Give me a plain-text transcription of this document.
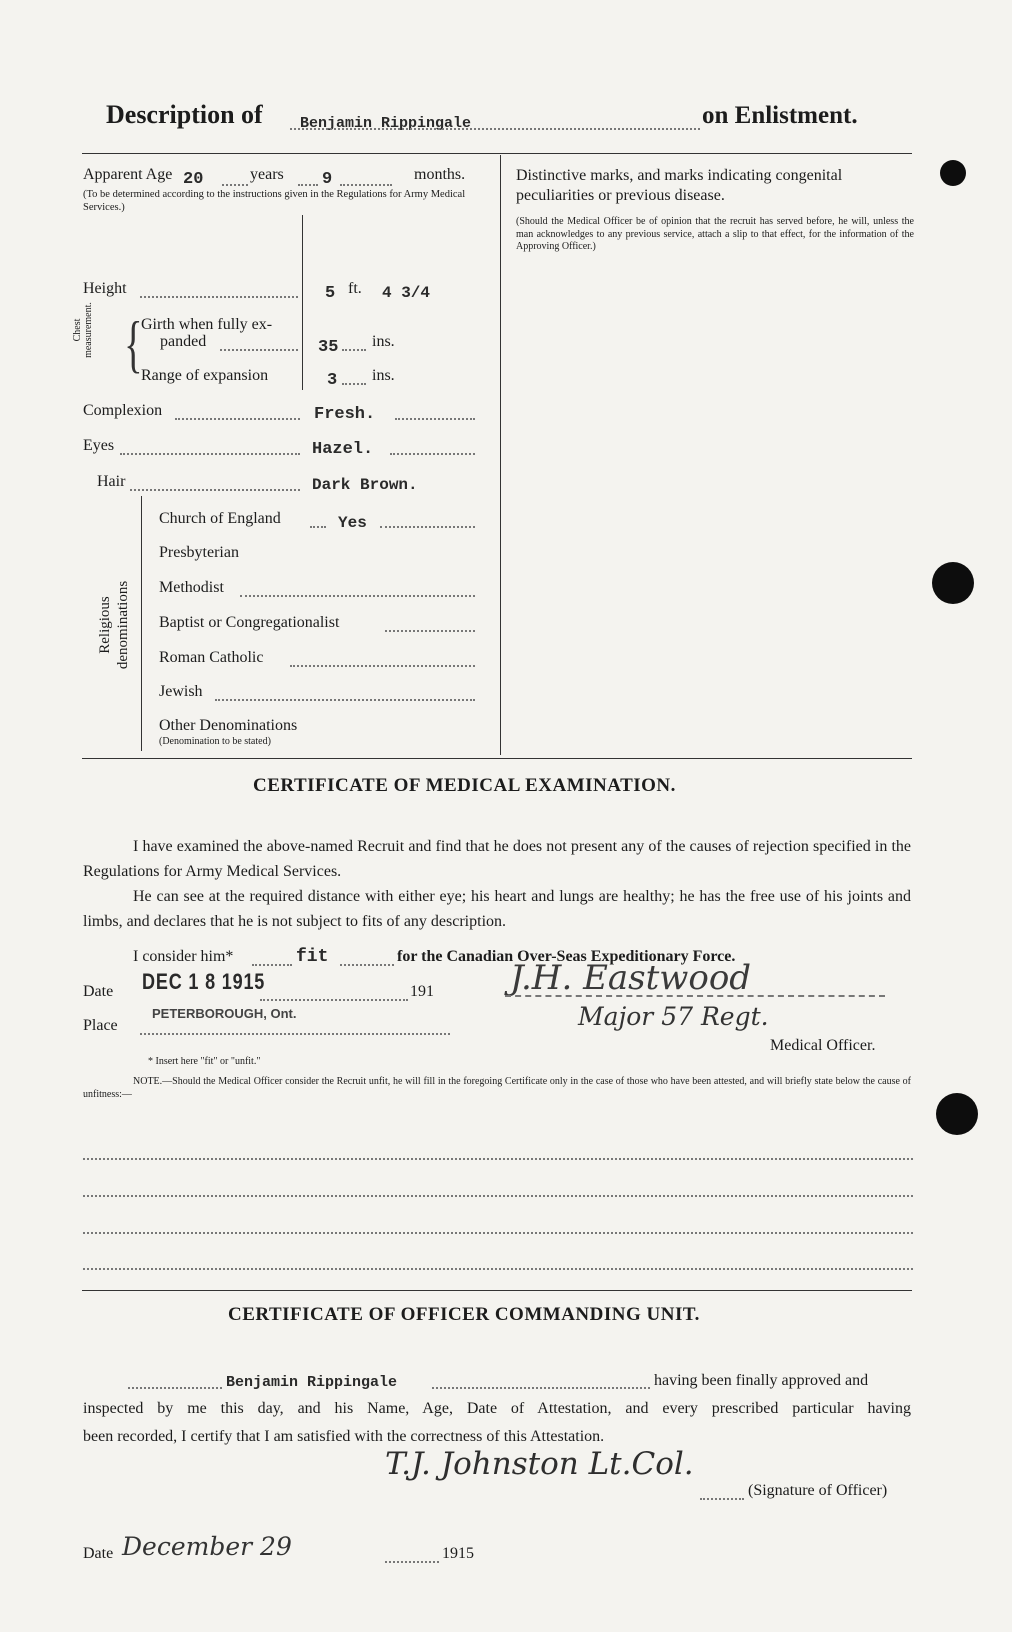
Description of Benjamin Rippingale	on Enlistment.
Apparent Age 20	years 9	months.
(To be determined according to the instructions given in the Regulations for Army Medical Services.)
Height	5 ft. 4 3/4
Chest measurement. {
Girth when fully ex-
panded	35 ins.
Range of expansion	3 ins.
Complexion	Fresh.
Eyes	Hazel.
Hair	Dark Brown.
Religious denominations
Church of England	Yes
Presbyterian
Methodist
Baptist or Congregationalist
Roman Catholic
Jewish
Other Denominations
(Denomination to be stated)
Distinctive marks, and marks indicating congenital peculiarities or previous disease.
(Should the Medical Officer be of opinion that the recruit has served before, he will, unless the man acknowledges to any previous service, attach a slip to that effect, for the information of the Approving Officer.)
CERTIFICATE OF MEDICAL EXAMINATION.
I have examined the above-named Recruit and find that he does not present any of the causes of rejection specified in the Regulations for Army Medical Services.
He can see at the required distance with either eye; his heart and lungs are healthy; he has the free use of his joints and limbs, and declares that he is not subject to fits of any description.
I consider him*	fit	for the Canadian Over-Seas Expeditionary Force.
Date DEC 1 8 1915	191
Place
PETERBOROUGH, Ont.
J.H. Eastwood
Major 57 Regt.
Medical Officer.
* Insert here "fit" or "unfit."
NOTE.—Should the Medical Officer consider the Recruit unfit, he will fill in the foregoing Certificate only in the case of those who have been attested, and will briefly state below the cause of unfitness:—
CERTIFICATE OF OFFICER COMMANDING UNIT.
Benjamin Rippingale	having been finally approved and
inspected by me this day, and his Name, Age, Date of Attestation, and every prescribed particular having
been recorded, I certify that I am satisfied with the correctness of this Attestation.
T.J. Johnston Lt.Col.
(Signature of Officer)
Date December 29	1915
